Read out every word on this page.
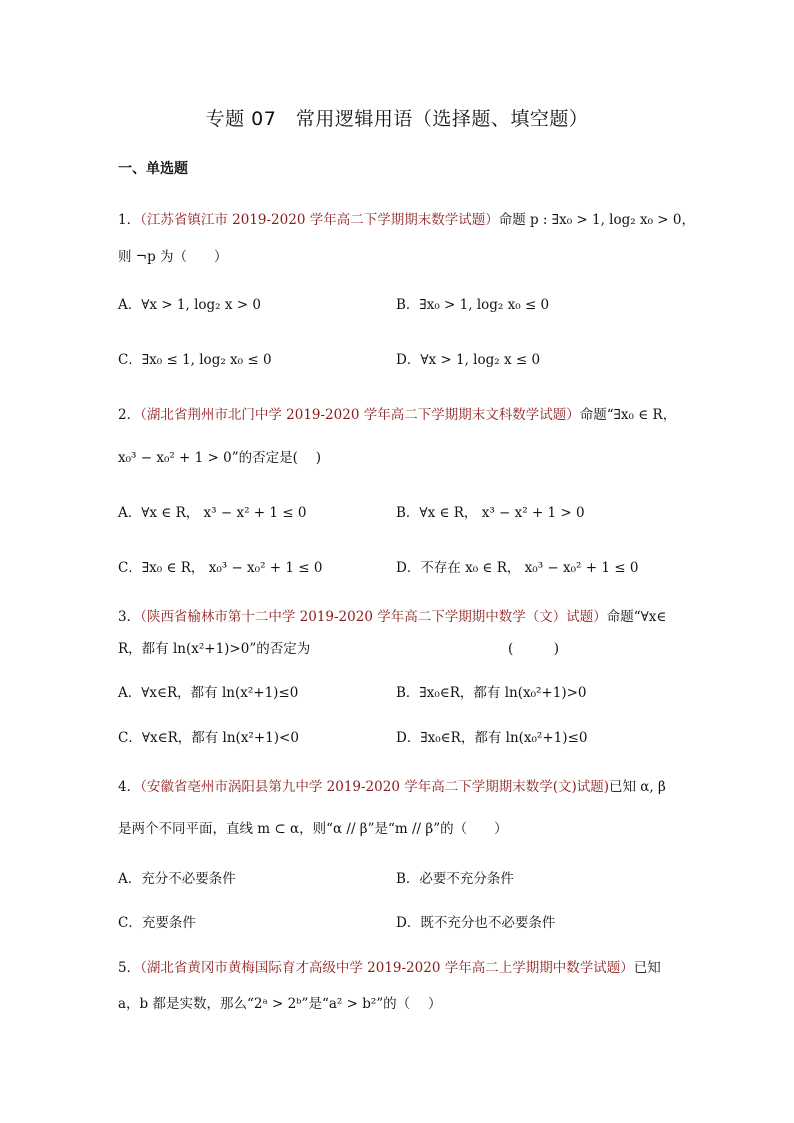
专题 07　常用逻辑用语（选择题、填空题）
一、单选题
1．（江苏省镇江市 2019-2020 学年高二下学期期末数学试题）命题 p : ∃x₀ > 1, log₂ x₀ > 0，
则 ¬p 为（　　）
A．∀x > 1, log₂ x > 0	B．∃x₀ > 1, log₂ x₀ ≤ 0
C．∃x₀ ≤ 1, log₂ x₀ ≤ 0	D．∀x > 1, log₂ x ≤ 0
2．（湖北省荆州市北门中学 2019-2020 学年高二下学期期末文科数学试题）命题“∃x₀ ∈ R，
x₀³ − x₀² + 1 > 0”的否定是(　 )
A．∀x ∈ R， x³ − x² + 1 ≤ 0	B．∀x ∈ R， x³ − x² + 1 > 0
C．∃x₀ ∈ R， x₀³ − x₀² + 1 ≤ 0	D．不存在 x₀ ∈ R， x₀³ − x₀² + 1 ≤ 0
3．（陕西省榆林市第十二中学 2019-2020 学年高二下学期期中数学（文）试题）命题“∀x∈
R，都有 ln(x²+1)>0”的否定为	(　　　)
A．∀x∈R，都有 ln(x²+1)≤0	B．∃x₀∈R，都有 ln(x₀²+1)>0
C．∀x∈R，都有 ln(x²+1)<0	D．∃x₀∈R，都有 ln(x₀²+1)≤0
4．（安徽省亳州市涡阳县第九中学 2019-2020 学年高二下学期期末数学(文)试题)已知 α, β
是两个不同平面，直线 m ⊂ α，则“α // β”是“m // β”的（　　）
A．充分不必要条件	B．必要不充分条件
C．充要条件	D．既不充分也不必要条件
5．（湖北省黄冈市黄梅国际育才高级中学 2019-2020 学年高二上学期期中数学试题）已知
a，b 都是实数，那么“2ᵃ > 2ᵇ”是“a² > b²”的（　 ）
